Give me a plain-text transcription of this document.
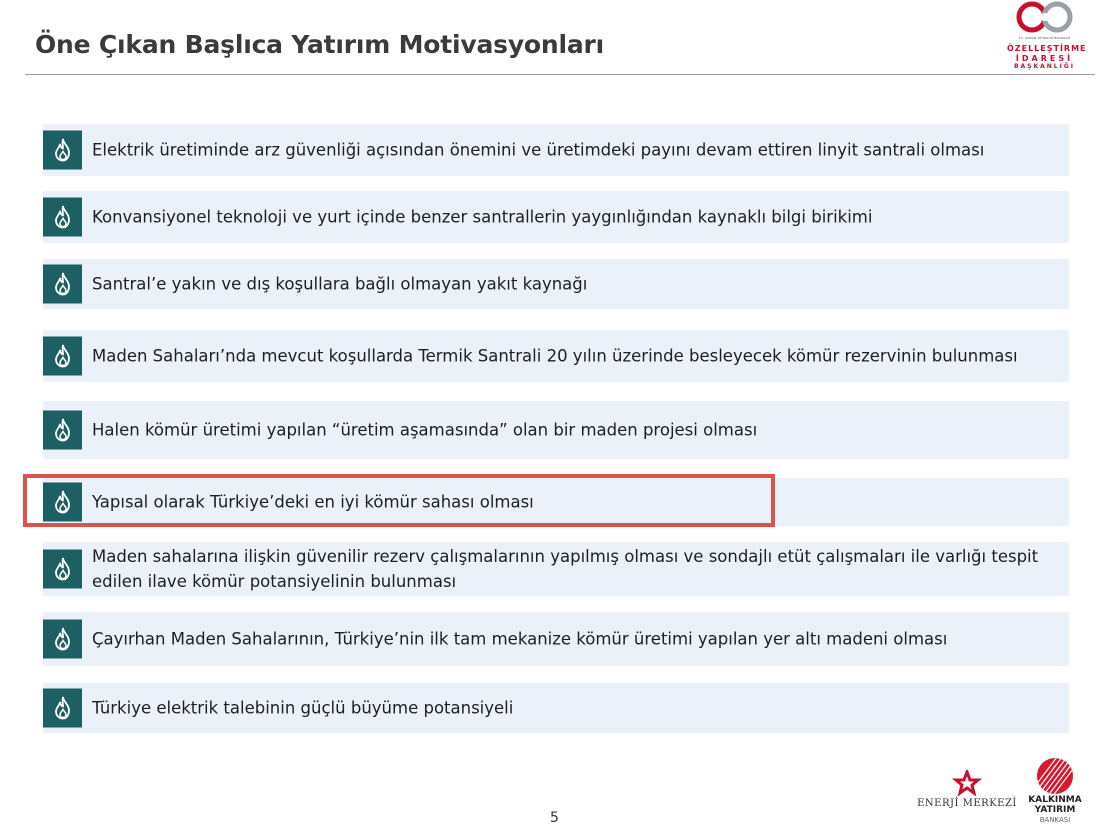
Öne Çıkan Başlıca Yatırım Motivasyonları	T.C. HAZİNE VE MALİYE BAKANLIĞI
ÖZELLEŞTİRME
İDARESİ
BAŞKANLIĞI
Elektrik üretiminde arz güvenliği açısından önemini ve üretimdeki payını devam ettiren linyit santrali olması
Konvansiyonel teknoloji ve yurt içinde benzer santrallerin yaygınlığından kaynaklı bilgi birikimi
Santral’e yakın ve dış koşullara bağlı olmayan yakıt kaynağı
Maden Sahaları’nda mevcut koşullarda Termik Santrali 20 yılın üzerinde besleyecek kömür rezervinin bulunması
Halen kömür üretimi yapılan “üretim aşamasında” olan bir maden projesi olması
Yapısal olarak Türkiye’deki en iyi kömür sahası olması
Maden sahalarına ilişkin güvenilir rezerv çalışmalarının yapılmış olması ve sondajlı etüt çalışmaları ile varlığı tespit edilen ilave kömür potansiyelinin bulunması
Çayırhan Maden Sahalarının, Türkiye’nin ilk tam mekanize kömür üretimi yapılan yer altı madeni olması
Türkiye elektrik talebinin güçlü büyüme potansiyeli
5
ENERJİ MERKEZİ	KALKINMA
YATIRIM
BANKASI
